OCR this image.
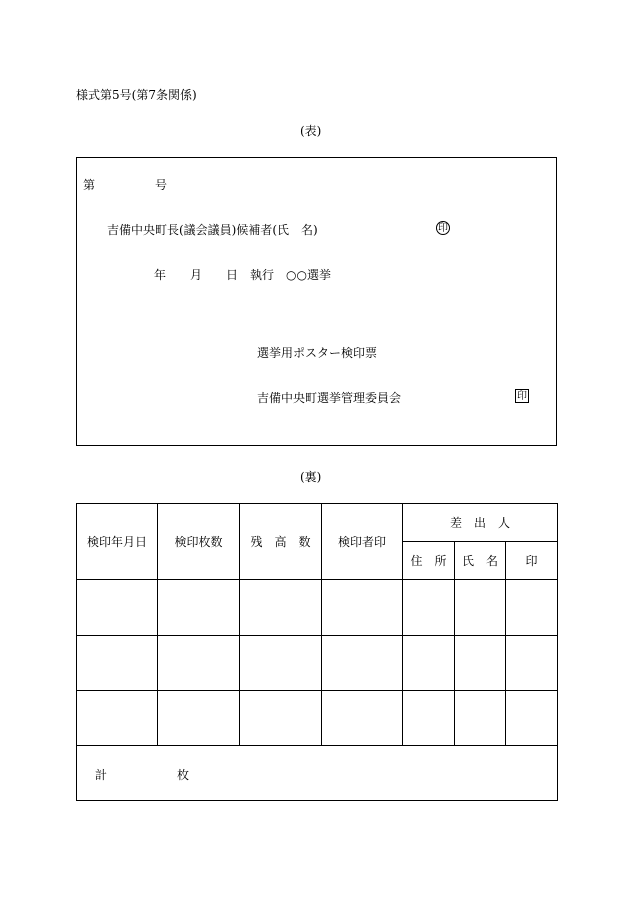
様式第5号(第7条関係)
(表)
第	号
吉備中央町長(議会議員)候補者(氏　名)	印
年　　月　　日　執行　○○選挙
選挙用ポスター検印票
吉備中央町選挙管理委員会	印
(裏)
検印年月日	検印枚数	残　高　数	検印者印	差　出　人		

				住　所	氏　名	印

計 枚						
